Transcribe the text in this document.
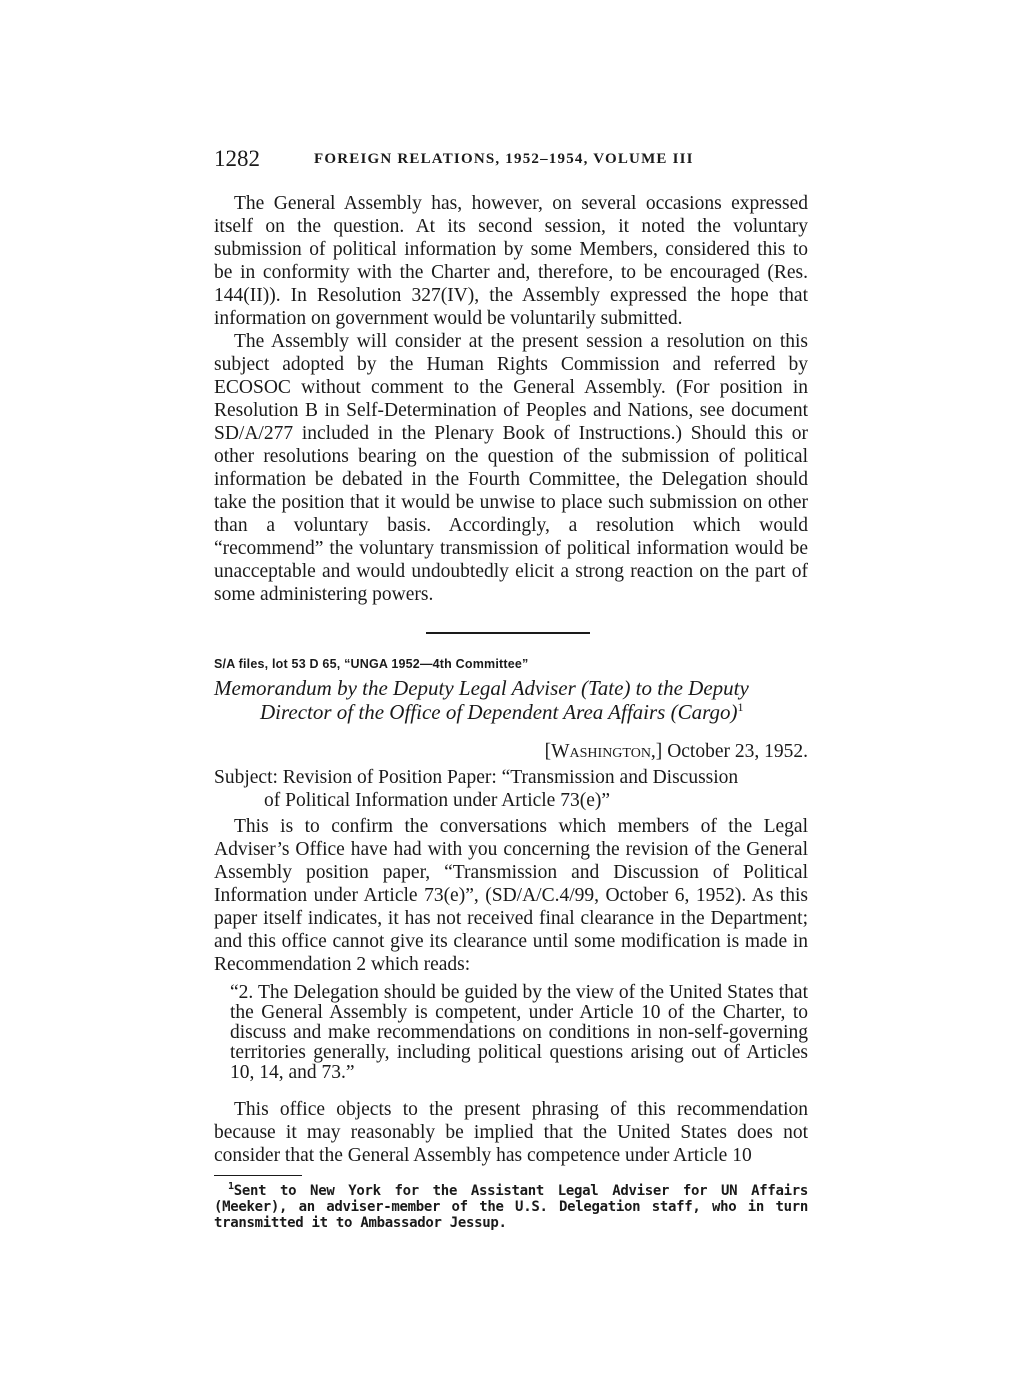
1282	FOREIGN RELATIONS, 1952–1954, VOLUME III

The General Assembly has, however, on several occasions expressed itself on the question. At its second session, it noted the voluntary submission of political information by some Members, considered this to be in conformity with the Charter and, therefore, to be encouraged (Res. 144(II)). In Resolution 327(IV), the Assembly expressed the hope that information on government would be voluntarily submitted.

The Assembly will consider at the present session a resolution on this subject adopted by the Human Rights Commission and referred by ECOSOC without comment to the General Assembly. (For position in Resolution B in Self-Determination of Peoples and Nations, see document SD/A/277 included in the Plenary Book of Instructions.) Should this or other resolutions bearing on the question of the submission of political information be debated in the Fourth Committee, the Delegation should take the position that it would be unwise to place such submission on other than a voluntary basis. Accordingly, a resolution which would “recommend” the voluntary transmission of political information would be unacceptable and would undoubtedly elicit a strong reaction on the part of some administering powers.

S/A files, lot 53 D 65, “UNGA 1952—4th Committee”

Memorandum by the Deputy Legal Adviser (Tate) to the Deputy

Director of the Office of Dependent Area Affairs (Cargo)$^1$

[Washington,] October 23, 1952.

Subject: Revision of Position Paper: “Transmission and Discussion

of Political Information under Article 73(e)”

This is to confirm the conversations which members of the Legal Adviser’s Office have had with you concerning the revision of the General Assembly position paper, “Transmission and Discussion of Political Information under Article 73(e)”, (SD/A/C.4/99, October 6, 1952). As this paper itself indicates, it has not received final clearance in the Department; and this office cannot give its clearance until some modification is made in Recommendation 2 which reads:

“2. The Delegation should be guided by the view of the United States that the General Assembly is competent, under Article 10 of the Charter, to discuss and make recommendations on conditions in non-self-governing territories generally, including political questions arising out of Articles 10, 14, and 73.”

This office objects to the present phrasing of this recommendation because it may reasonably be implied that the United States does not consider that the General Assembly has competence under Article 10

$^1$Sent to New York for the Assistant Legal Adviser for UN Affairs (Meeker), an adviser-member of the U.S. Delegation staff, who in turn transmitted it to Ambassador Jessup.
